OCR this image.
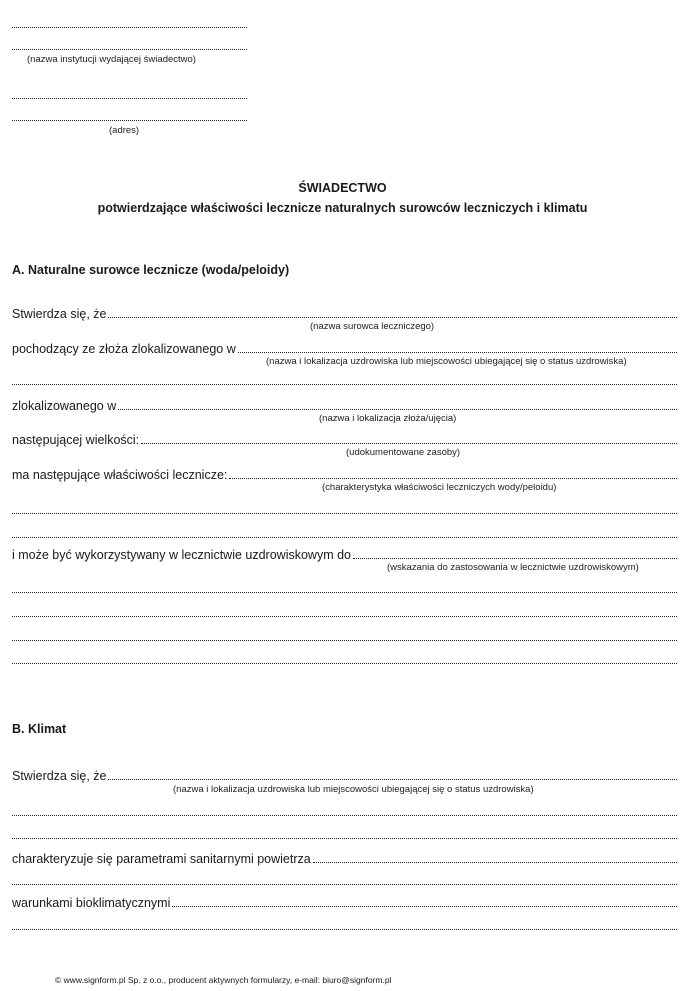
(nazwa instytucji wydającej świadectwo)
(adres)
ŚWIADECTWO
potwierdzające właściwości lecznicze naturalnych surowców leczniczych i klimatu
A. Naturalne surowce lecznicze (woda/peloidy)
Stwierdza się, że
(nazwa surowca leczniczego)
pochodzący ze złoża zlokalizowanego w
(nazwa i lokalizacja uzdrowiska lub miejscowości ubiegającej się o status uzdrowiska)
zlokalizowanego w
(nazwa i lokalizacja złoża/ujęcia)
następującej wielkości:
(udokumentowane zasoby)
ma następujące właściwości lecznicze:
(charakterystyka właściwości leczniczych wody/peloidu)
i może być wykorzystywany w lecznictwie uzdrowiskowym do
(wskazania do zastosowania w lecznictwie uzdrowiskowym)
B. Klimat
Stwierdza się, że
(nazwa i lokalizacja uzdrowiska lub miejscowości ubiegającej się o status uzdrowiska)
charakteryzuje się parametrami sanitarnymi powietrza
warunkami bioklimatycznymi
© www.signform.pl Sp. z o.o., producent aktywnych formularzy, e-mail: biuro@signform.pl
